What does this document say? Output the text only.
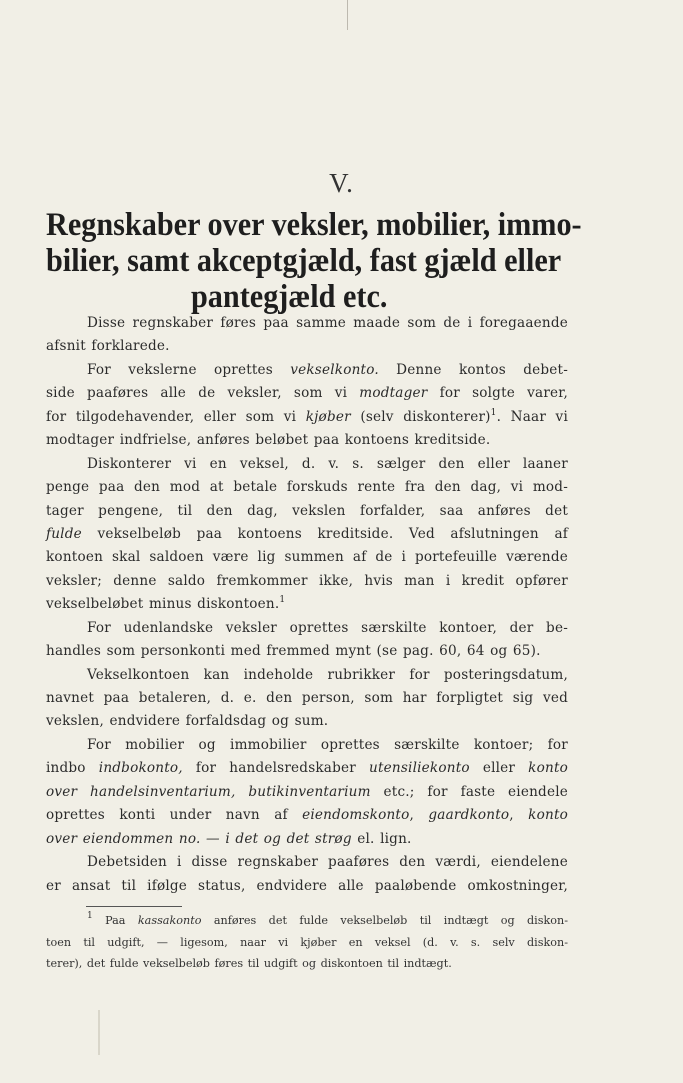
V.
Regnskaber over veksler, mobilier, immo-
bilier, samt akceptgjæld, fast gjæld eller
pantegjæld etc.
Disse regnskaber føres paa samme maade som de i foregaaende
afsnit forklarede.
For vekslerne oprettes vekselkonto. Denne kontos debet-
side paaføres alle de veksler, som vi modtager for solgte varer,
for tilgodehavender, eller som vi kjøber (selv diskonterer)$^1$. Naar vi
modtager indfrielse, anføres beløbet paa kontoens kreditside.
Diskonterer vi en veksel, d. v. s. sælger den eller laaner
penge paa den mod at betale forskuds rente fra den dag, vi mod-
tager pengene, til den dag, vekslen forfalder, saa anføres det
fulde vekselbeløb paa kontoens kreditside. Ved afslutningen af
kontoen skal saldoen være lig summen af de i portefeuille værende
veksler; denne saldo fremkommer ikke, hvis man i kredit opfører
vekselbeløbet minus diskontoen.$^1$
For udenlandske veksler oprettes særskilte kontoer, der be-
handles som personkonti med fremmed mynt (se pag. 60, 64 og 65).
Vekselkontoen kan indeholde rubrikker for posteringsdatum,
navnet paa betaleren, d. e. den person, som har forpligtet sig ved
vekslen, endvidere forfaldsdag og sum.
For mobilier og immobilier oprettes særskilte kontoer; for
indbo indbokonto, for handelsredskaber utensiliekonto eller konto
over handelsinventarium, butikinventarium etc.; for faste eiendele
oprettes konti under navn af eiendomskonto, gaardkonto, konto
over eiendommen no. — i det og det strøg el. lign.
Debetsiden i disse regnskaber paaføres den værdi, eiendelene
er ansat til ifølge status, endvidere alle paaløbende omkostninger,
$^1$ Paa kassakonto anføres det fulde vekselbeløb til indtægt og diskon-
toen til udgift, — ligesom, naar vi kjøber en veksel (d. v. s. selv diskon-
terer), det fulde vekselbeløb føres til udgift og diskontoen til indtægt.
